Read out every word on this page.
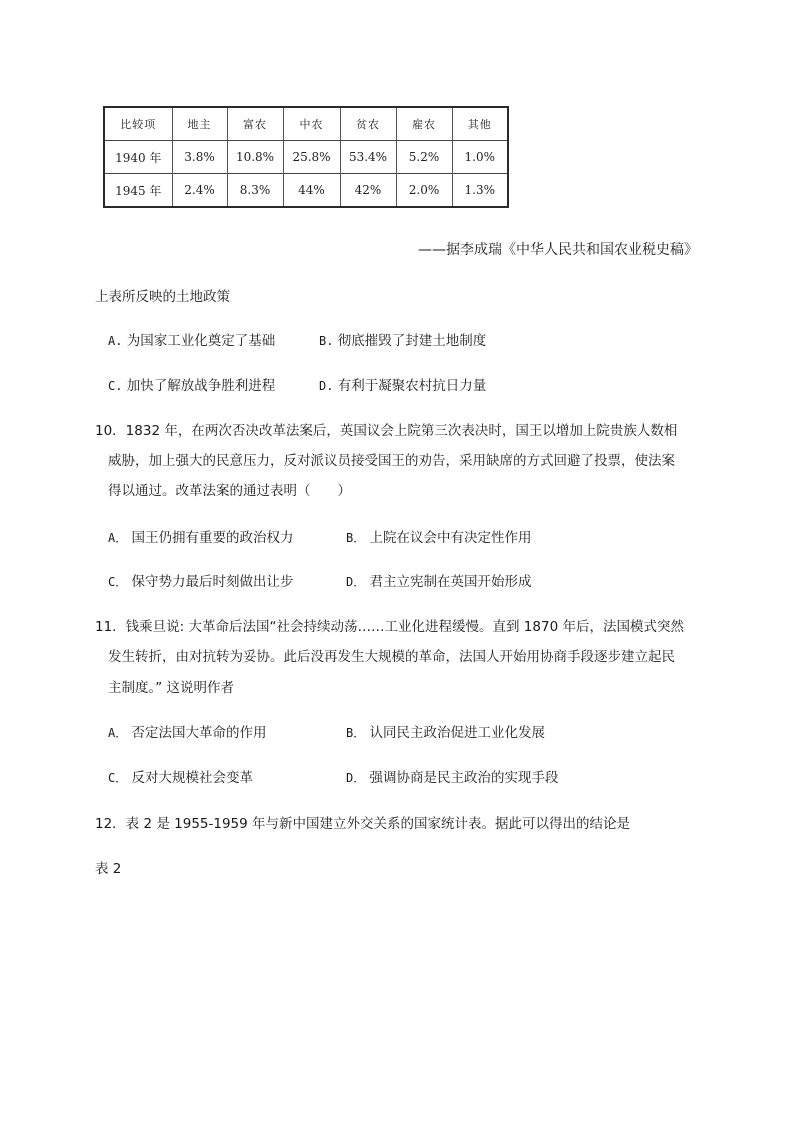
比较项	地主	富农	中农	贫农	雇农	其他
1940 年	3.8%	10.8%	25.8%	53.4%	5.2%	1.0%
1945 年	2.4%	8.3%	44%	42%	2.0%	1.3%
——据李成瑞《中华人民共和国农业税史稿》
上表所反映的土地政策
A. 为国家工业化奠定了基础	B. 彻底摧毁了封建土地制度
C. 加快了解放战争胜利进程	D. 有利于凝聚农村抗日力量
10．1832 年，在两次否决改革法案后，英国议会上院第三次表决时，国王以增加上院贵族人数相
威胁，加上强大的民意压力，反对派议员接受国王的劝告，采用缺席的方式回避了投票，使法案
得以通过。改革法案的通过表明（　　）
A． 国王仍拥有重要的政治权力	B． 上院在议会中有决定性作用
C． 保守势力最后时刻做出让步	D． 君主立宪制在英国开始形成
11．钱乘旦说: 大革命后法国“社会持续动荡……工业化进程缓慢。直到 1870 年后，法国模式突然
发生转折，由对抗转为妥协。此后没再发生大规模的革命，法国人开始用协商手段逐步建立起民
主制度。” 这说明作者
A． 否定法国大革命的作用	B． 认同民主政治促进工业化发展
C． 反对大规模社会变革	D． 强调协商是民主政治的实现手段
12．表 2 是 1955-1959 年与新中国建立外交关系的国家统计表。据此可以得出的结论是
表 2
